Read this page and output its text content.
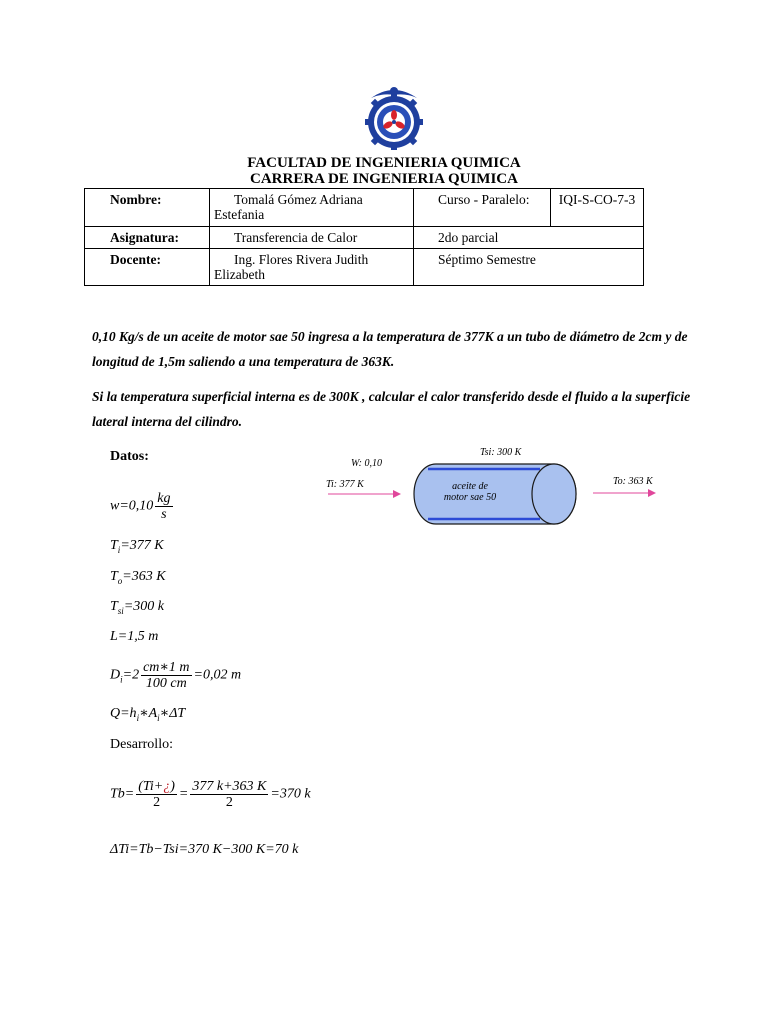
FACULTAD DE INGENIERIA QUIMICA
CARRERA DE INGENIERIA QUIMICA
Nombre:	Tomalá Gómez Adriana Estefania	Curso - Paralelo:	IQI-S-CO-7-3
Asignatura:	Transferencia de Calor	2do parcial	
Docente:	Ing. Flores Rivera Judith Elizabeth	Séptimo Semestre	
0,10 Kg/s de un aceite de motor sae 50 ingresa a la temperatura de 377K a un tubo de diámetro de 2cm y de longitud de 1,5m saliendo a una temperatura de 363K.
Si la temperatura superficial interna es de 300K , calcular el calor transferido desde el fluido a la superficie lateral interna del cilindro.
Tsi: 300 K
W: 0,10
Ti: 377 K	To: 363 K
aceite de
motor sae 50
Datos:
$w=0,10 \frac{kg}{s}$
$T_i=377$ K
$T_o=363$ K
$T_{si}=300$ k
L=1,5 m
$D_i=2 \frac{cm∗1 m}{100 cm} =0,02$ m
$Q=h_i∗A_i∗\Delta T$
Desarrollo:
$Tb= \frac{(Ti+¿)}{2} = \frac{377 k+363 K}{2} =370$ k
ΔTi=Tb−Tsi=370 K−300 K=70 k
